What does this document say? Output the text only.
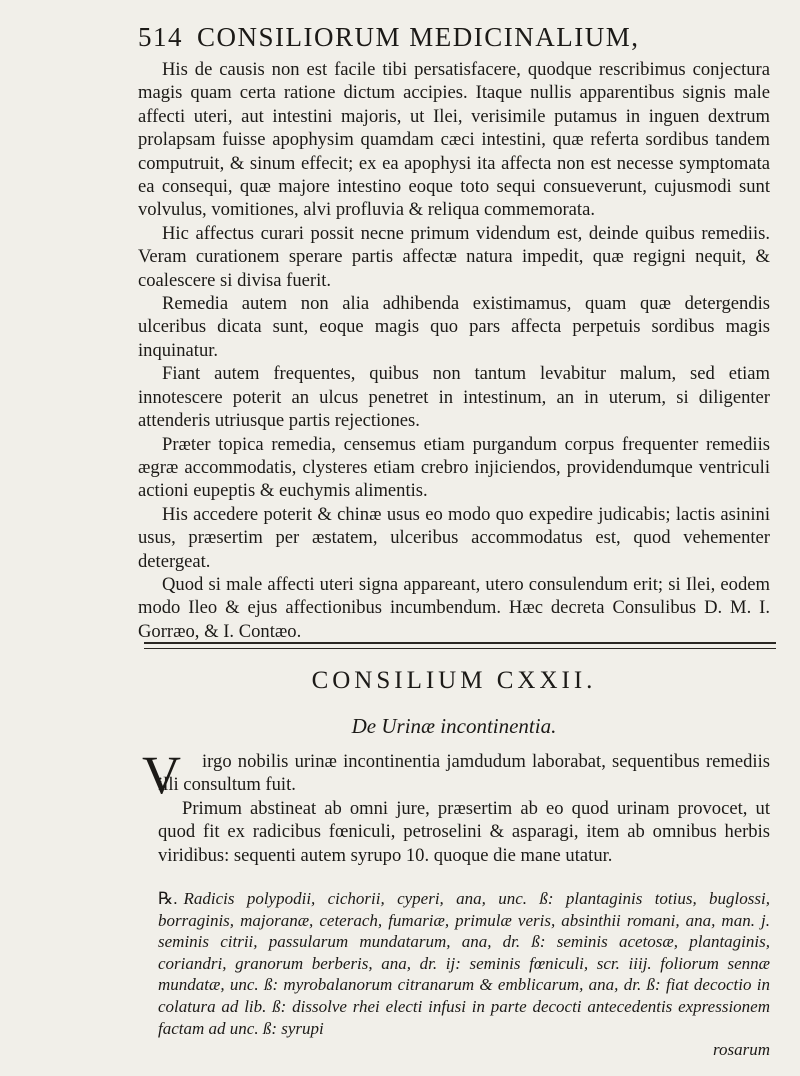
514 CONSILIORUM MEDICINALIUM,

His de causis non est facile tibi persatisfacere, quodque rescribimus conjectura magis quam certa ratione dictum accipies. Itaque nullis apparentibus signis male affecti uteri, aut intestini majoris, ut Ilei, verisimile putamus in inguen dextrum prolapsam fuisse apophysim quamdam cæci intestini, quæ referta sordibus tandem computruit, & sinum effecit; ex ea apophysi ita affecta non est necesse symptomata ea consequi, quæ majore intestino eoque toto sequi consueverunt, cujusmodi sunt volvulus, vomitiones, alvi profluvia & reliqua commemorata.

Hic affectus curari possit necne primum videndum est, deinde quibus remediis. Veram curationem sperare partis affectæ natura impedit, quæ regigni nequit, & coalescere si divisa fuerit.

Remedia autem non alia adhibenda existimamus, quam quæ detergendis ulceribus dicata sunt, eoque magis quo pars affecta perpetuis sordibus magis inquinatur.

Fiant autem frequentes, quibus non tantum levabitur malum, sed etiam innotescere poterit an ulcus penetret in intestinum, an in uterum, si diligenter attenderis utriusque partis rejectiones.

Præter topica remedia, censemus etiam purgandum corpus frequenter remediis ægræ accommodatis, clysteres etiam crebro injiciendos, providendumque ventriculi actioni eupeptis & euchymis alimentis.

His accedere poterit & chinæ usus eo modo quo expedire judicabis; lactis asinini usus, præsertim per æstatem, ulceribus accommodatus est, quod vehementer detergeat.

Quod si male affecti uteri signa appareant, utero consulendum erit; si Ilei, eodem modo Ileo & ejus affectionibus incumbendum. Hæc decreta Consulibus D. M. I. Gorræo, & I. Contæo.

CONSILIUM CXXII.
De Urinæ incontinentia.
V	irgo nobilis urinæ incontinentia jamdudum laborabat, sequentibus remediis illi consultum fuit.

Primum abstineat ab omni jure, præsertim ab eo quod urinam provocet, ut quod fit ex radicibus fœniculi, petroselini & asparagi, item ab omnibus herbis viridibus: sequenti autem syrupo 10. quoque die mane utatur.

℞. Radicis polypodii, cichorii, cyperi, ana, unc. ß: plantaginis totius, buglossi, borraginis, majoranæ, ceterach, fumariæ, primulæ veris, absinthii romani, ana, man. j. seminis citrii, passularum mundatarum, ana, dr. ß: seminis acetosæ, plantaginis, coriandri, granorum berberis, ana, dr. ij: seminis fœniculi, scr. iiij. foliorum sennæ mundatæ, unc. ß: myrobalanorum citranarum & emblicarum, ana, dr. ß: fiat decoctio in colatura ad lib. ß: dissolve rhei electi infusi in parte decocti antecedentis expressionem factam ad unc. ß: syrupi
rosarum
